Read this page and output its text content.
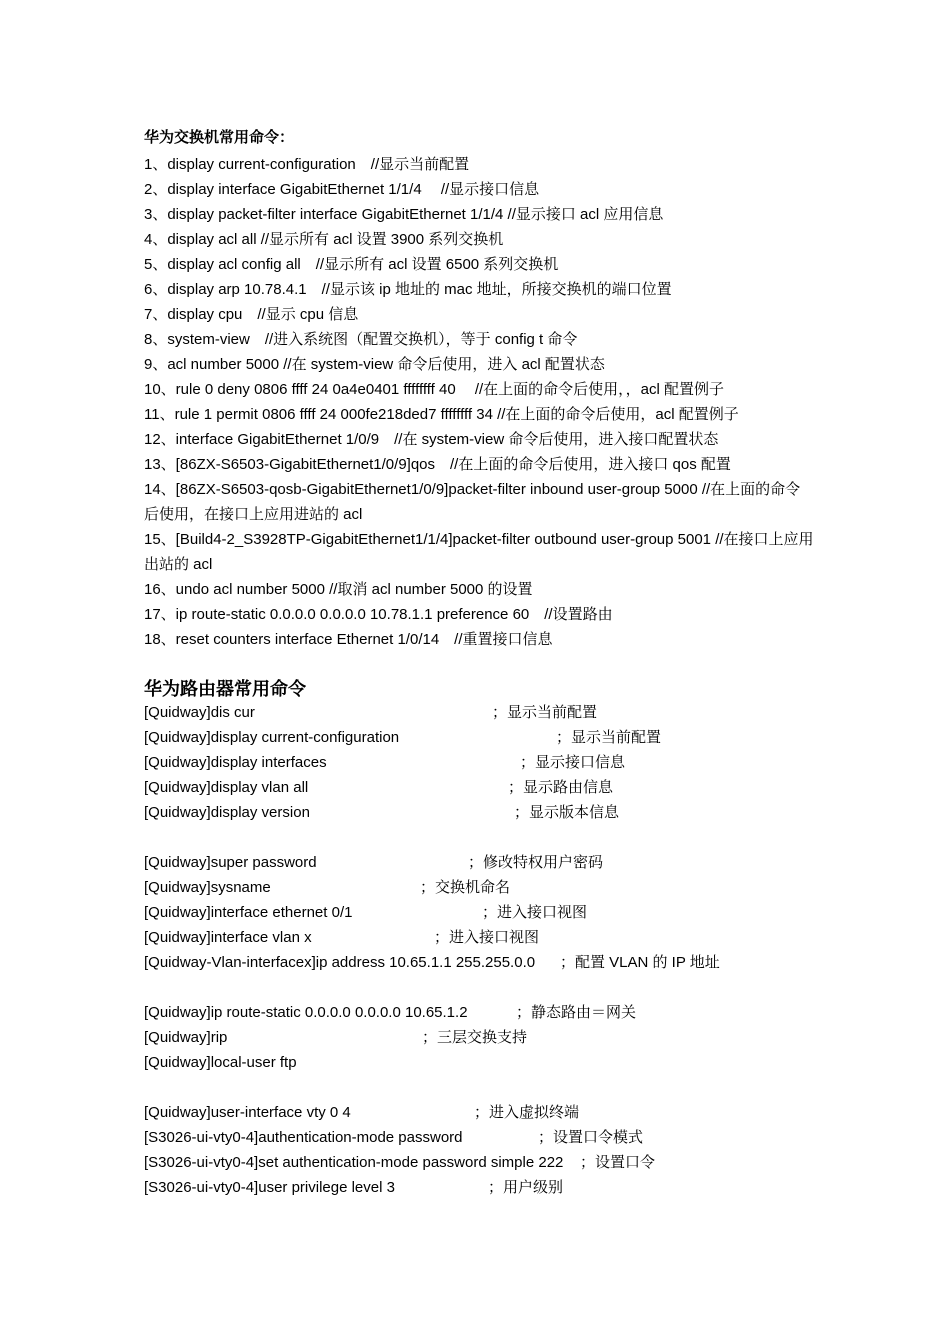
华为交换机常用命令：
1、display current-configuration　//显示当前配置
2、display interface GigabitEthernet 1/1/4　 //显示接口信息
3、display packet-filter interface GigabitEthernet 1/1/4 //显示接口 acl 应用信息
4、display acl all //显示所有 acl 设置 3900 系列交换机
5、display acl config all　//显示所有 acl 设置 6500 系列交换机
6、display arp 10.78.4.1　//显示该 ip 地址的 mac 地址，所接交换机的端口位置
7、display cpu　//显示 cpu 信息
8、system-view　//进入系统图（配置交换机），等于 config t 命令
9、acl number 5000 //在 system-view 命令后使用，进入 acl 配置状态
10、rule 0 deny 0806 ffff 24 0a4e0401 ffffffff 40　 //在上面的命令后使用，，acl 配置例子
11、rule 1 permit 0806 ffff 24 000fe218ded7 ffffffff 34 //在上面的命令后使用，acl 配置例子
12、interface GigabitEthernet 1/0/9　//在 system-view 命令后使用，进入接口配置状态
13、[86ZX-S6503-GigabitEthernet1/0/9]qos　//在上面的命令后使用，进入接口 qos 配置
14、[86ZX-S6503-qosb-GigabitEthernet1/0/9]packet-filter inbound user-group 5000 //在上面的命令后使用，在接口上应用进站的 acl
15、[Build4-2_S3928TP-GigabitEthernet1/1/4]packet-filter outbound user-group 5001 //在接口上应用出站的 acl
16、undo acl number 5000 //取消 acl number 5000 的设置
17、ip route-static 0.0.0.0 0.0.0.0 10.78.1.1 preference 60　//设置路由
18、reset counters interface Ethernet 1/0/14　//重置接口信息
华为路由器常用命令
[Quidway]dis cur	；显示当前配置
[Quidway]display current-configuration	；显示当前配置
[Quidway]display interfaces	；显示接口信息
[Quidway]display vlan all	；显示路由信息
[Quidway]display version	；显示版本信息
[Quidway]super password	；修改特权用户密码
[Quidway]sysname	；交换机命名
[Quidway]interface ethernet 0/1	；进入接口视图
[Quidway]interface vlan x	；进入接口视图
[Quidway-Vlan-interfacex]ip address 10.65.1.1 255.255.0.0 ；配置 VLAN 的 IP 地址
[Quidway]ip route-static 0.0.0.0 0.0.0.0 10.65.1.2	；静态路由＝网关
[Quidway]rip	；三层交换支持
[Quidway]local-user ftp
[Quidway]user-interface vty 0 4	；进入虚拟终端
[S3026-ui-vty0-4]authentication-mode password	；设置口令模式
[S3026-ui-vty0-4]set authentication-mode password simple 222 ；设置口令
[S3026-ui-vty0-4]user privilege level 3	；用户级别
